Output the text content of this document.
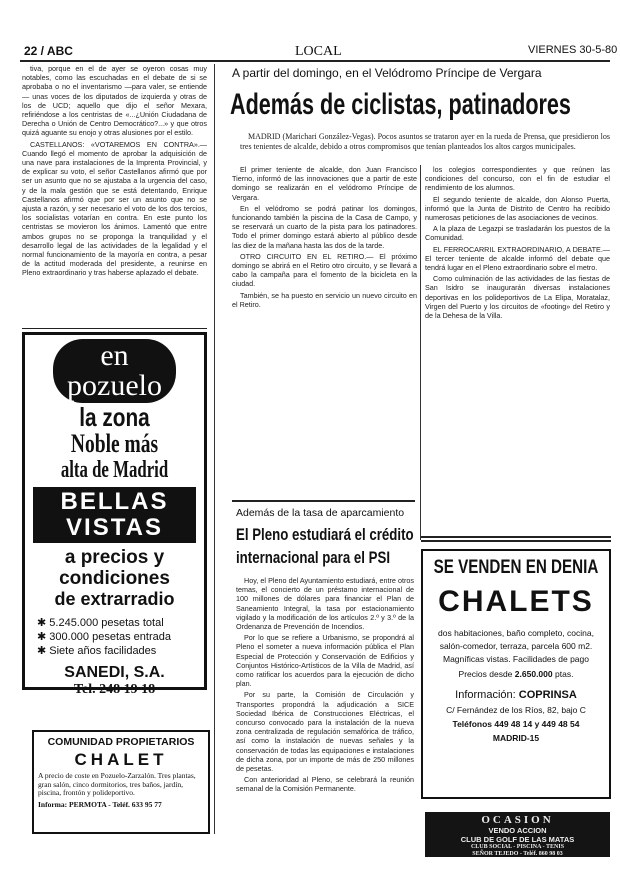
22 / ABC	LOCAL	VIERNES 30-5-80

tiva, porque en el de ayer se oyeron cosas muy notables, como las escuchadas en el debate de si se aprobaba o no el inventarismo —para valer, se entiende— unas voces de los diputados de izquierda y otras de los de UCD; aquello que dijo el señor Mexara, refiriéndose a los centristas de «...¿Unión Ciudadana de Derecha o Unión de Centro Democrático?...» y que otros quizá aguante su enojo y otras alusiones por el estilo.

CASTELLANOS: «VOTAREMOS EN CONTRA».— Cuando llegó el momento de aprobar la adquisición de una nave para instalaciones de la Imprenta Provincial, y de explicar su voto, el señor Castellanos afirmó que por ser un asunto que no se ajustaba a la urgencia del caso, y de la mala gestión que se está detentando, Enrique Castellanos afirmó que por ser un asunto que no se ajusta a razón, y ser necesario el voto de los dos tercios, los socialistas votarían en contra. En este punto los centristas se movieron los ánimos. Lamentó que entre ambos grupos no se proponga la tranquilidad y el desarrollo legal de las actividades de la legalidad y el normal funcionamiento de la mayoría en contra, a pesar de la actitud moderada del presidente, a reunirse en Pleno extraordinario y tras haberse aplazado el debate.

en
pozuelo
la zona
Noble más
alta de Madrid
BELLAS
VISTAS
a precios y
condiciones
de extrarradio
✱ 5.245.000 pesetas total
✱ 300.000 pesetas entrada
✱ Siete años facilidades
SANEDI, S.A.
Tel. 248 19 18
COMUNIDAD PROPIETARIOS
CHALET
A precio de coste en Pozuelo-Zarzalón. Tres plantas, gran salón, cinco dormitorios, tres baños, jardín, piscina, frontón y polideportivo.
Informa: PERMOTA - Teléf. 633 95 77
A partir del domingo, en el Velódromo Príncipe de Vergara
Además de ciclistas, patinadores

MADRID (Marichari González-Vegas). Pocos asuntos se trataron ayer en la rueda de Prensa, que presidieron los tres tenientes de alcalde, debido a otros compromisos que tenían planteados los altos cargos municipales.

El primer teniente de alcalde, don Juan Francisco Tierno, informó de las innovaciones que a partir de este domingo se realizarán en el velódromo Príncipe de Vergara.

En el velódromo se podrá patinar los domingos, funcionando también la piscina de la Casa de Campo, y se reservará un cuarto de la pista para los patinadores. Todo el primer domingo estará abierto al público desde las diez de la mañana hasta las dos de la tarde.

OTRO CIRCUITO EN EL RETIRO.— El próximo domingo se abrirá en el Retiro otro circuito, y se llevará a cabo la campaña para el fomento de la bicicleta en la ciudad.

También, se ha puesto en servicio un nuevo circuito en el Retiro.

los colegios correspondientes y que reúnen las condiciones del concurso, con el fin de estudiar el rendimiento de los alumnos.

El segundo teniente de alcalde, don Alonso Puerta, informó que la Junta de Distrito de Centro ha recibido numerosas peticiones de las asociaciones de vecinos.

A la plaza de Legazpi se trasladarán los puestos de la Comunidad.

EL FERROCARRIL EXTRAORDINARIO, A DEBATE.— El tercer teniente de alcalde informó del debate que tendrá lugar en el Pleno extraordinario sobre el metro.

Como culminación de las actividades de las fiestas de San Isidro se inaugurarán diversas instalaciones deportivas en los polideportivos de La Elipa, Moratalaz, Virgen del Puerto y los circuitos de «footing» del Retiro y de la Dehesa de la Villa.

Además de la tasa de aparcamiento
El Pleno estudiará el crédito internacional para el PSI

Hoy, el Pleno del Ayuntamiento estudiará, entre otros temas, el concierto de un préstamo internacional de 100 millones de dólares para financiar el Plan de Saneamiento Integral, la tasa por estacionamiento vigilado y la modificación de los artículos 2.º y 3.º de la Ordenanza de Prevención de Incendios.

Por lo que se refiere a Urbanismo, se propondrá al Pleno el someter a nueva información pública el Plan Especial de Protección y Conservación de Edificios y Conjuntos Histórico-Artísticos de la Villa de Madrid, así como ratificar los acuerdos para la ejecución de dicho plan.

Por su parte, la Comisión de Circulación y Transportes propondrá la adjudicación a SICE Sociedad Ibérica de Construcciones Eléctricas, el concurso convocado para la instalación de la nueva zona centralizada de regulación semafórica de tráfico, así como la instalación de nuevas señales y la conservación de todas las equipaciones e instalaciones de dicha zona, por un importe de más de 250 millones de pesetas.

Con anterioridad al Pleno, se celebrará la reunión semanal de la Comisión Permanente.

SE VENDEN EN DENIA
CHALETS
dos habitaciones, baño completo, cocina, salón-comedor, terraza, parcela 600 m2. Magníficas vistas. Facilidades de pago
Precios desde 2.650.000 ptas.
Información: COPRINSA
C/ Fernández de los Ríos, 82, bajo C
Teléfonos 449 48 14 y 449 48 54
MADRID-15
OCASION
VENDO ACCION
CLUB DE GOLF DE LAS MATAS
CLUB SOCIAL - PISCINA - TENIS
SEÑOR TEJEDO - Teléf. 860 98 03
